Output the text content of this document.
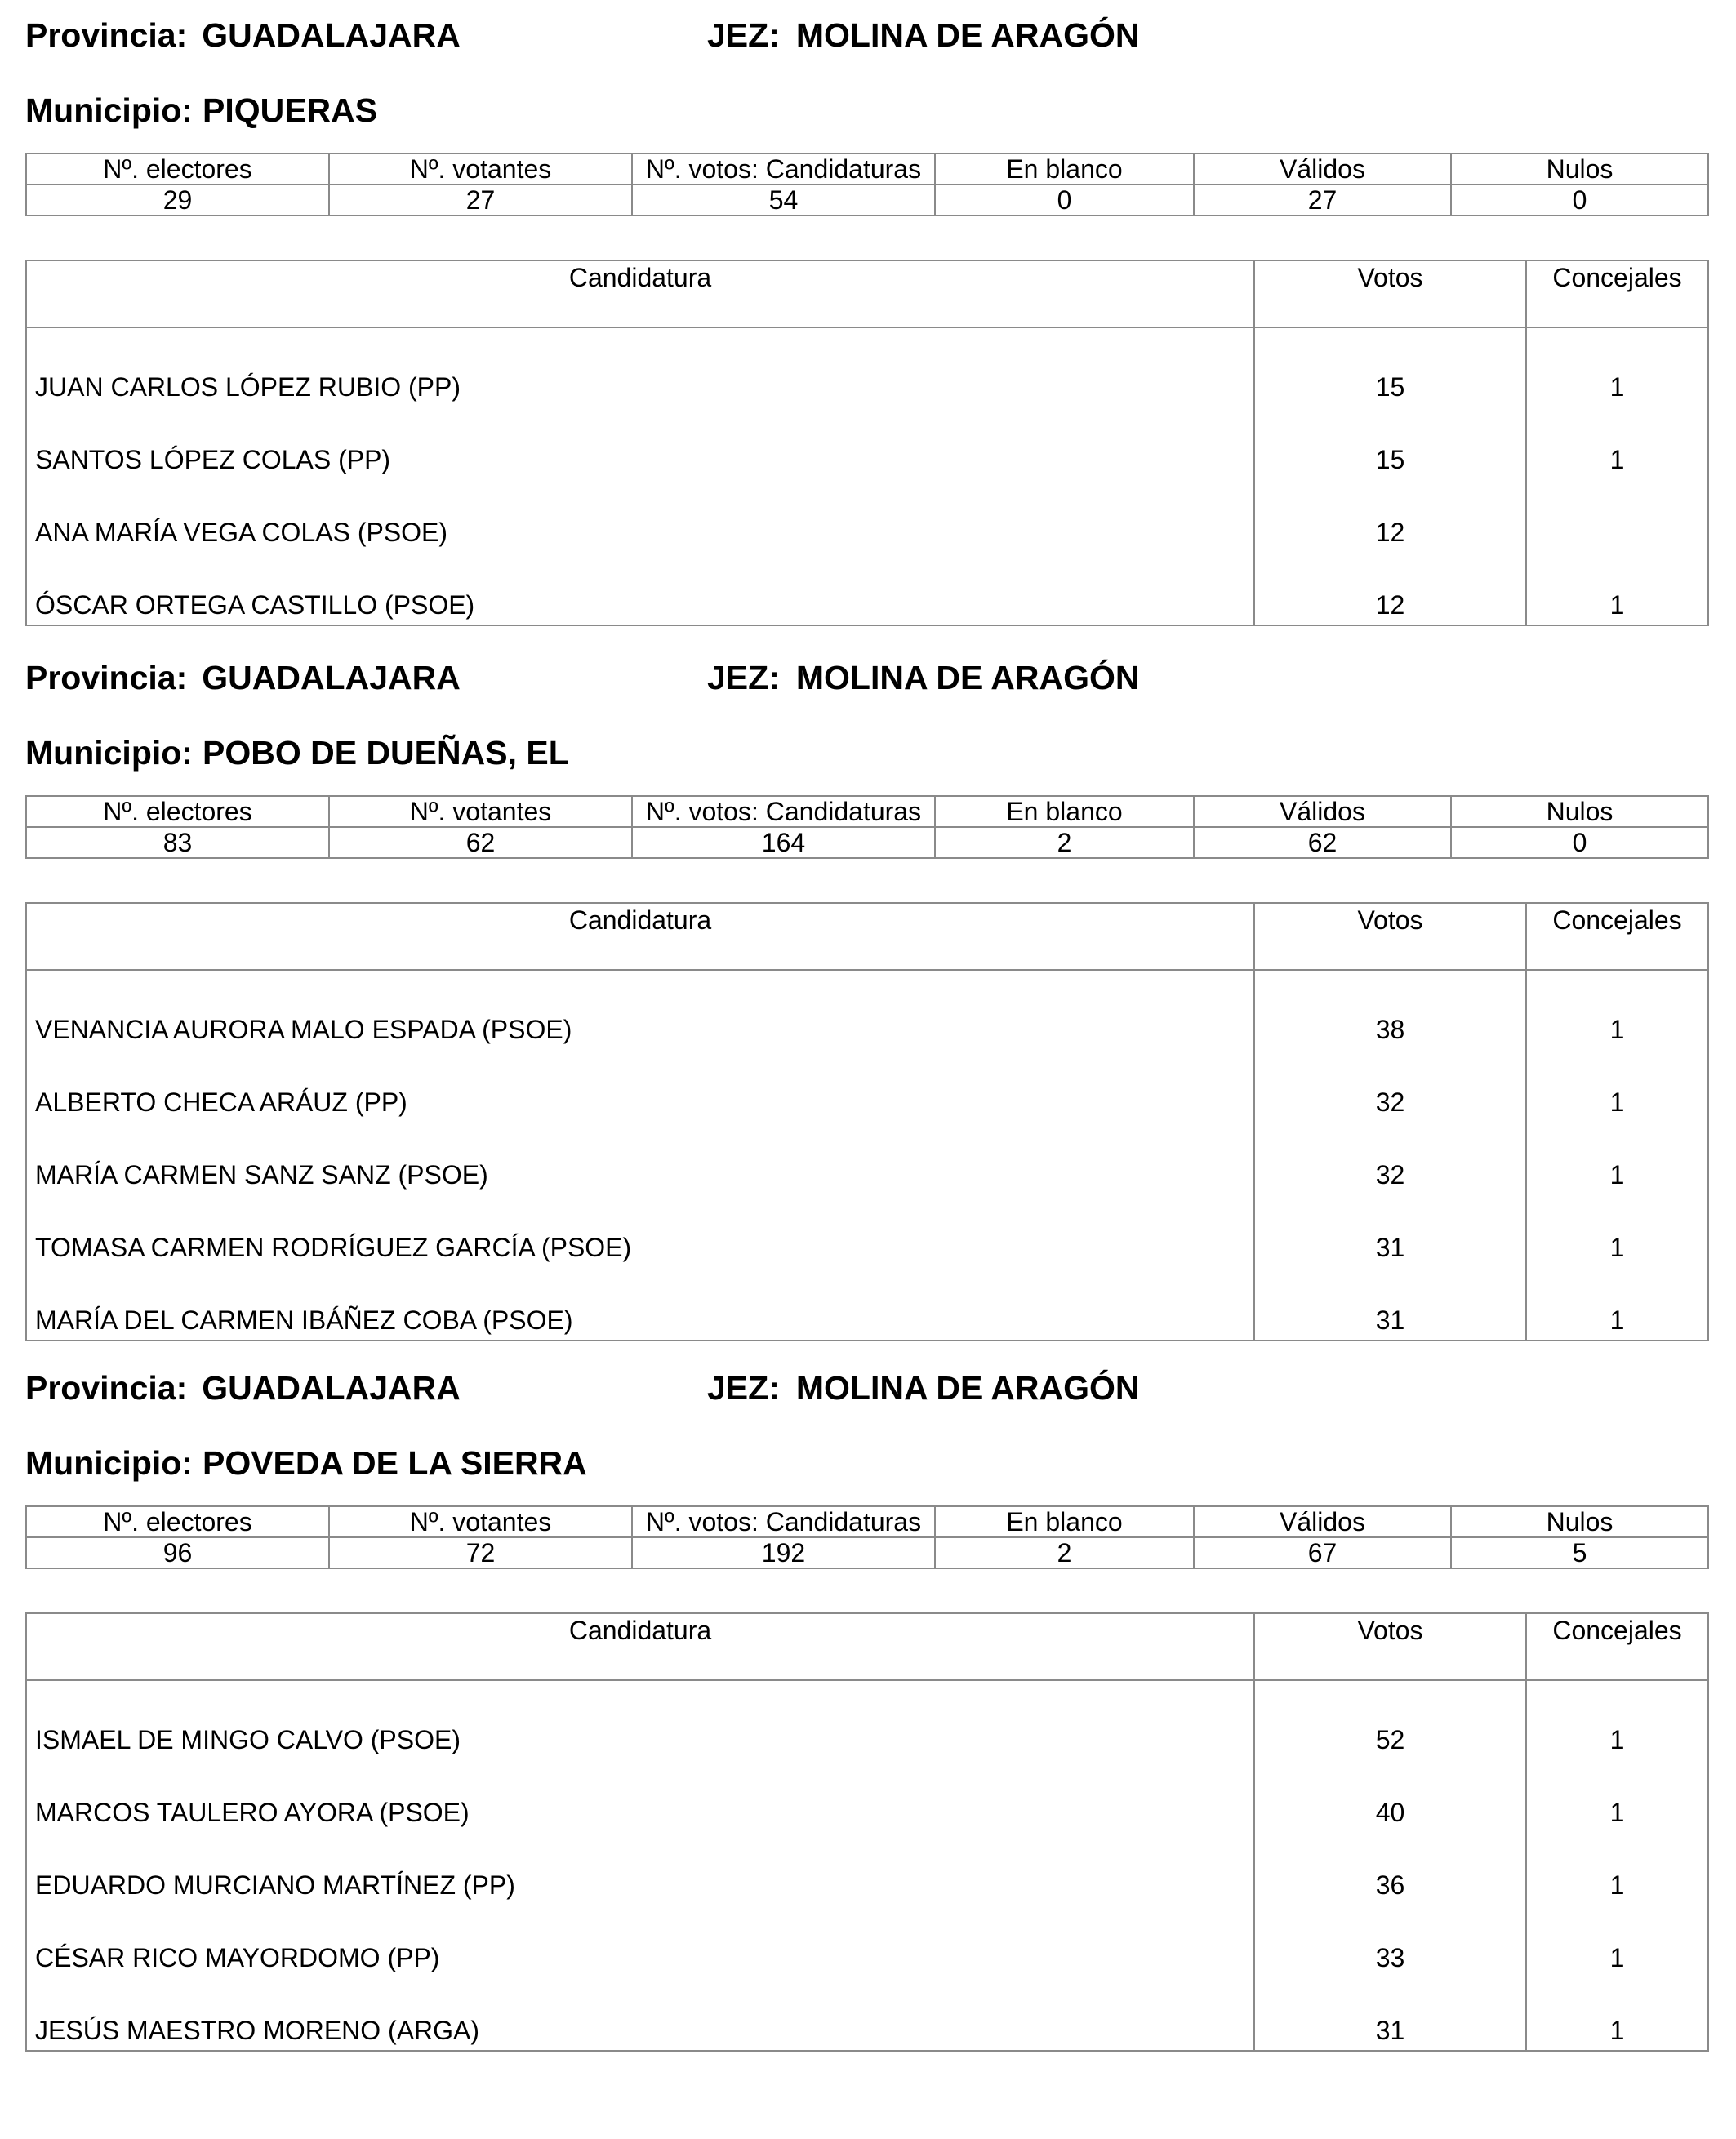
Provincia: GUADALAJARA	JEZ: MOLINA DE ARAGÓN
Municipio: PIQUERAS
Nº. electores	Nº. votantes	Nº. votos: Candidaturas	En blanco	Válidos	Nulos
29	27	54	0	27	0
Candidatura	Votos	Concejales
JUAN CARLOS LÓPEZ RUBIO (PP)	15	1
SANTOS LÓPEZ COLAS (PP)	15	1
ANA MARÍA VEGA COLAS (PSOE)	12	
ÓSCAR ORTEGA CASTILLO (PSOE)	12	1
Provincia: GUADALAJARA	JEZ: MOLINA DE ARAGÓN
Municipio: POBO DE DUEÑAS, EL
Nº. electores	Nº. votantes	Nº. votos: Candidaturas	En blanco	Válidos	Nulos
83	62	164	2	62	0
Candidatura	Votos	Concejales
VENANCIA AURORA MALO ESPADA (PSOE)	38	1
ALBERTO CHECA ARÁUZ (PP)	32	1
MARÍA CARMEN SANZ SANZ (PSOE)	32	1
TOMASA CARMEN RODRÍGUEZ GARCÍA (PSOE)	31	1
MARÍA DEL CARMEN IBÁÑEZ COBA (PSOE)	31	1
Provincia: GUADALAJARA	JEZ: MOLINA DE ARAGÓN
Municipio: POVEDA DE LA SIERRA
Nº. electores	Nº. votantes	Nº. votos: Candidaturas	En blanco	Válidos	Nulos
96	72	192	2	67	5
Candidatura	Votos	Concejales
ISMAEL DE MINGO CALVO (PSOE)	52	1
MARCOS TAULERO AYORA (PSOE)	40	1
EDUARDO MURCIANO MARTÍNEZ (PP)	36	1
CÉSAR RICO MAYORDOMO (PP)	33	1
JESÚS MAESTRO MORENO (ARGA)	31	1
